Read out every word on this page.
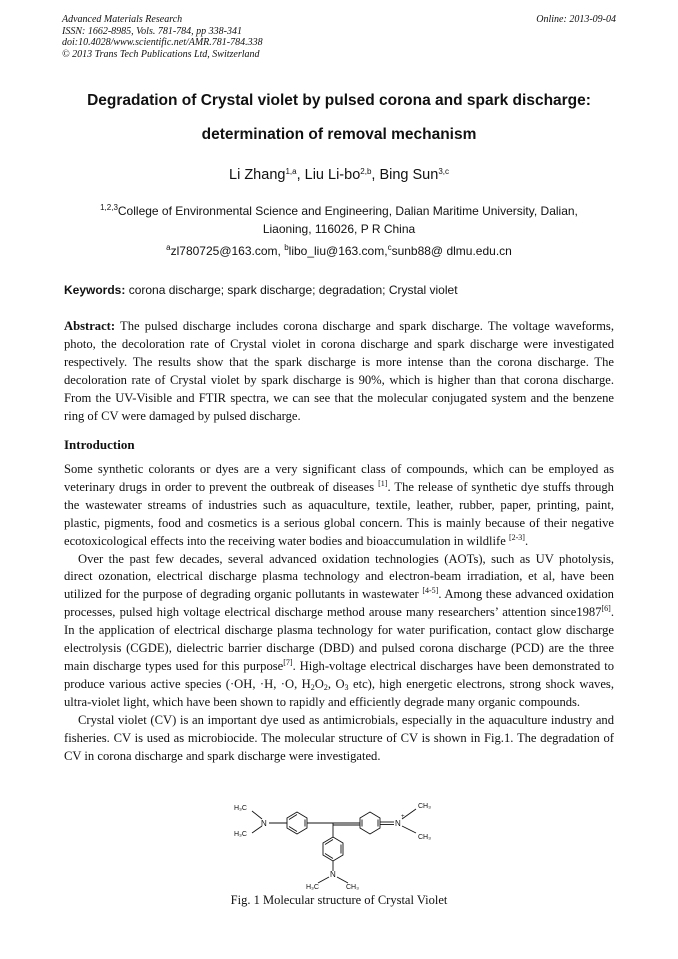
Advanced Materials Research
ISSN: 1662-8985, Vols. 781-784, pp 338-341
doi:10.4028/www.scientific.net/AMR.781-784.338
© 2013 Trans Tech Publications Ltd, Switzerland
Online: 2013-09-04
Degradation of Crystal violet by pulsed corona and spark discharge:
determination of removal mechanism
Li Zhang$^{1,a}$, Liu Li-bo$^{2,b}$, Bing Sun$^{3,c}$
$^{1,2,3}$College of Environmental Science and Engineering, Dalian Maritime University, Dalian, Liaoning, 116026, P R China
$^a$zl780725@163.com, $^b$libo_liu@163.com,$^c$sunb88@ dlmu.edu.cn
Keywords: corona discharge; spark discharge; degradation; Crystal violet
Abstract: The pulsed discharge includes corona discharge and spark discharge. The voltage waveforms, photo, the decoloration rate of Crystal violet in corona discharge and spark discharge were investigated respectively. The results show that the spark discharge is more intense than the corona discharge. The decoloration rate of Crystal violet by spark discharge is 90%, which is higher than that corona discharge. From the UV-Visible and FTIR spectra, we can see that the molecular conjugated system and the benzene ring of CV were damaged by pulsed discharge.
Introduction

Some synthetic colorants or dyes are a very significant class of compounds, which can be employed as veterinary drugs in order to prevent the outbreak of diseases [1]. The release of synthetic dye stuffs through the wastewater streams of industries such as aquaculture, textile, leather, rubber, paper, printing, paint, plastic, pigments, food and cosmetics is a serious global concern. This is mainly because of their negative ecotoxicological effects into the receiving water bodies and bioaccumulation in wildlife [2-3].

Over the past few decades, several advanced oxidation technologies (AOTs), such as UV photolysis, direct ozonation, electrical discharge plasma technology and electron-beam irradiation, et al, have been utilized for the purpose of degrading organic pollutants in wastewater [4-5]. Among these advanced oxidation processes, pulsed high voltage electrical discharge method arouse many researchers’ attention since1987[6]. In the application of electrical discharge plasma technology for water purification, contact glow discharge electrolysis (CGDE), dielectric barrier discharge (DBD) and pulsed corona discharge (PCD) are the three main discharge types used for this purpose[7]. High-voltage electrical discharges have been demonstrated to produce various active species (·OH, ·H, ·O, $H_2O_2$, $O_3$ etc), high energetic electrons, strong shock waves, ultra-violet light, which have been shown to rapidly and efficiently degrade many organic compounds.

Crystal violet (CV) is an important dye used as antimicrobials, especially in the aquaculture industry and fisheries. CV is used as microbiocide. The molecular structure of CV is shown in Fig.1. The degradation of CV in corona discharge and spark discharge were investigated.

H₃C
H₃C
N	N
+
CH₃
CH₃
N
H₃C	CH₃
Fig. 1 Molecular structure of Crystal Violet
